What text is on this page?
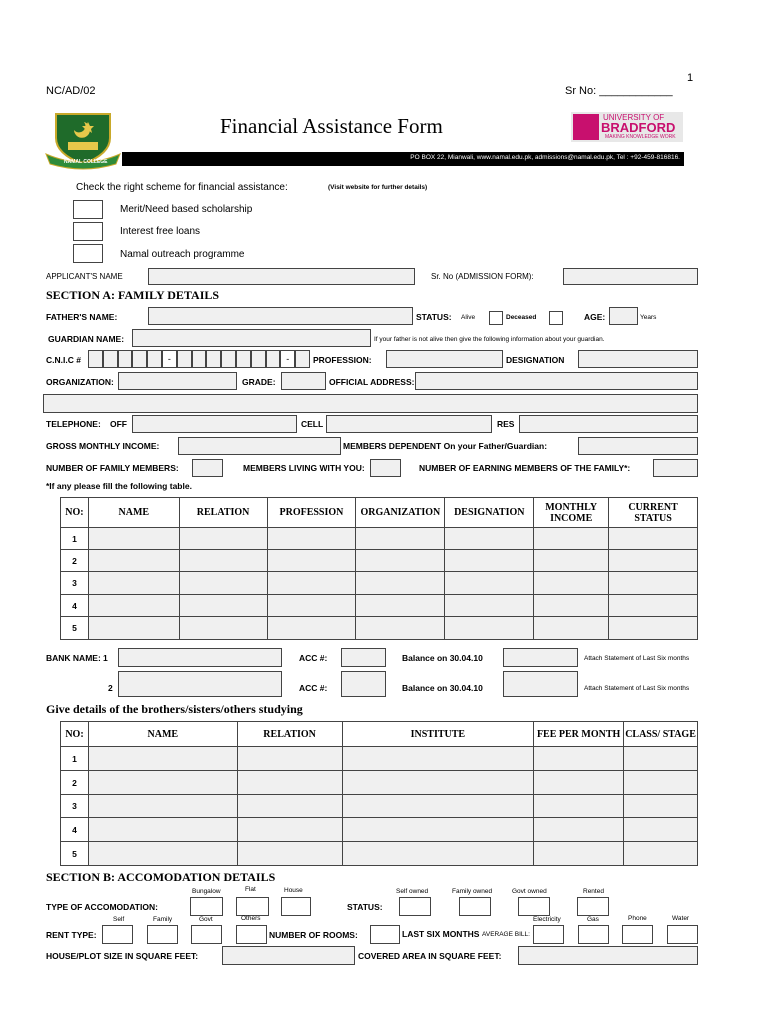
1
NC/AD/02	Sr No: ____________
NAMAL COLLEGE
Financial Assistance Form	UNIVERSITY OF
BRADFORD
MAKING KNOWLEDGE WORK
PO BOX 22, Mianwali, www.namal.edu.pk, admissions@namal.edu.pk, Tel : +92-459-816816.
Check the right scheme for financial assistance:	(Visit website for further details)
Merit/Need based scholarship
Interest free loans
Namal outreach programme
APPLICANT'S NAME	Sr. No (ADMISSION FORM):
SECTION A: FAMILY DETAILS
FATHER'S NAME:	STATUS: Alive	Deceased	AGE:	Years
GUARDIAN NAME:	If your father is not alive then give the following information about your guardian.
C.N.I.C #	-	-	PROFESSION:	DESIGNATION
ORGANIZATION:	GRADE:	OFFICIAL ADDRESS:
TELEPHONE: OFF	CELL	RES
GROSS MONTHLY INCOME:	MEMBERS DEPENDENT On your Father/Guardian:
NUMBER OF FAMILY MEMBERS:	MEMBERS LIVING WITH YOU:	NUMBER OF EARNING MEMBERS OF THE FAMILY*:
*If any please fill the following table.
NO:	NAME	RELATION	PROFESSION	ORGANIZATION	DESIGNATION	MONTHLY INCOME	CURRENT STATUS
1							
2							
3							
4							
5							
BANK NAME: 1	ACC #:	Balance on 30.04.10	Attach Statement of Last Six months
2	ACC #:	Balance on 30.04.10	Attach Statement of Last Six months
Give details of the brothers/sisters/others studying
NO:	NAME	RELATION	INSTITUTE	FEE PER MONTH	CLASS/ STAGE
1					
2					
3					
4					
5					
SECTION B: ACCOMODATION DETAILS
Bungalow	Flat	House
TYPE OF ACCOMODATION:
Self owned	Family owned	Govt owned	Rented
STATUS:
Self	Family	Govt	Others
RENT TYPE:	NUMBER OF ROOMS:	LAST SIX MONTHS AVERAGE BILL:
Electricity	Gas	Phone	Water
HOUSE/PLOT SIZE IN SQUARE FEET:	COVERED AREA IN SQUARE FEET:
